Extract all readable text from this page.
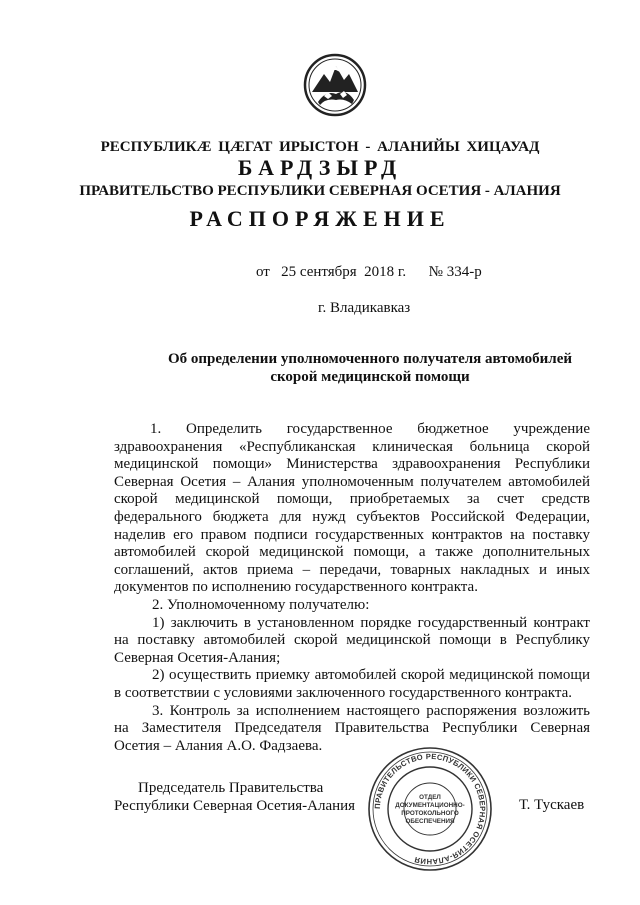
РЕСПУБЛИКӔ ЦӔГАТ ИРЫСТОН - АЛАНИЙЫ ХИЦАУАД
БАРДЗЫРД
ПРАВИТЕЛЬСТВО РЕСПУБЛИКИ СЕВЕРНАЯ ОСЕТИЯ - АЛАНИЯ
РАСПОРЯЖЕНИЕ
от   25 сентября  2018 г.      № 334-р
г. Владикавказ
Об определении уполномоченного получателя автомобилей
скорой медицинской помощи

1. Определить государственное бюджетное учреждение здравоохранения «Республиканская клиническая больница скорой медицинской помощи» Министерства здравоохранения Республики Северная Осетия – Алания уполномоченным получателем автомобилей скорой медицинской помощи, приобретаемых за счет средств федерального бюджета для нужд субъектов Российской Федерации, наделив его правом подписи государственных контрактов на поставку автомобилей скорой медицинской помощи, а также дополнительных соглашений, актов приема – передачи, товарных накладных и иных документов по исполнению государственного контракта.

2. Уполномоченному получателю:

1) заключить в установленном порядке государственный контракт на поставку автомобилей скорой медицинской помощи в Республику Северная Осетия-Алания;

2) осуществить приемку автомобилей скорой медицинской помощи в соответствии с условиями заключенного государственного контракта.

3. Контроль за исполнением настоящего распоряжения возложить на Заместителя Председателя Правительства Республики Северная Осетия – Алания А.О. Фадзаева.

Председатель Правительства
Республики Северная Осетия-Алания	Т. Тускаев
ПРАВИТЕЛЬСТВО РЕСПУБЛИКИ СЕВЕРНАЯ ОСЕТИЯ-АЛАНИЯ
ОТДЕЛ
ДОКУМЕНТАЦИОННО-
ПРОТОКОЛЬНОГО
ОБЕСПЕЧЕНИЯ
